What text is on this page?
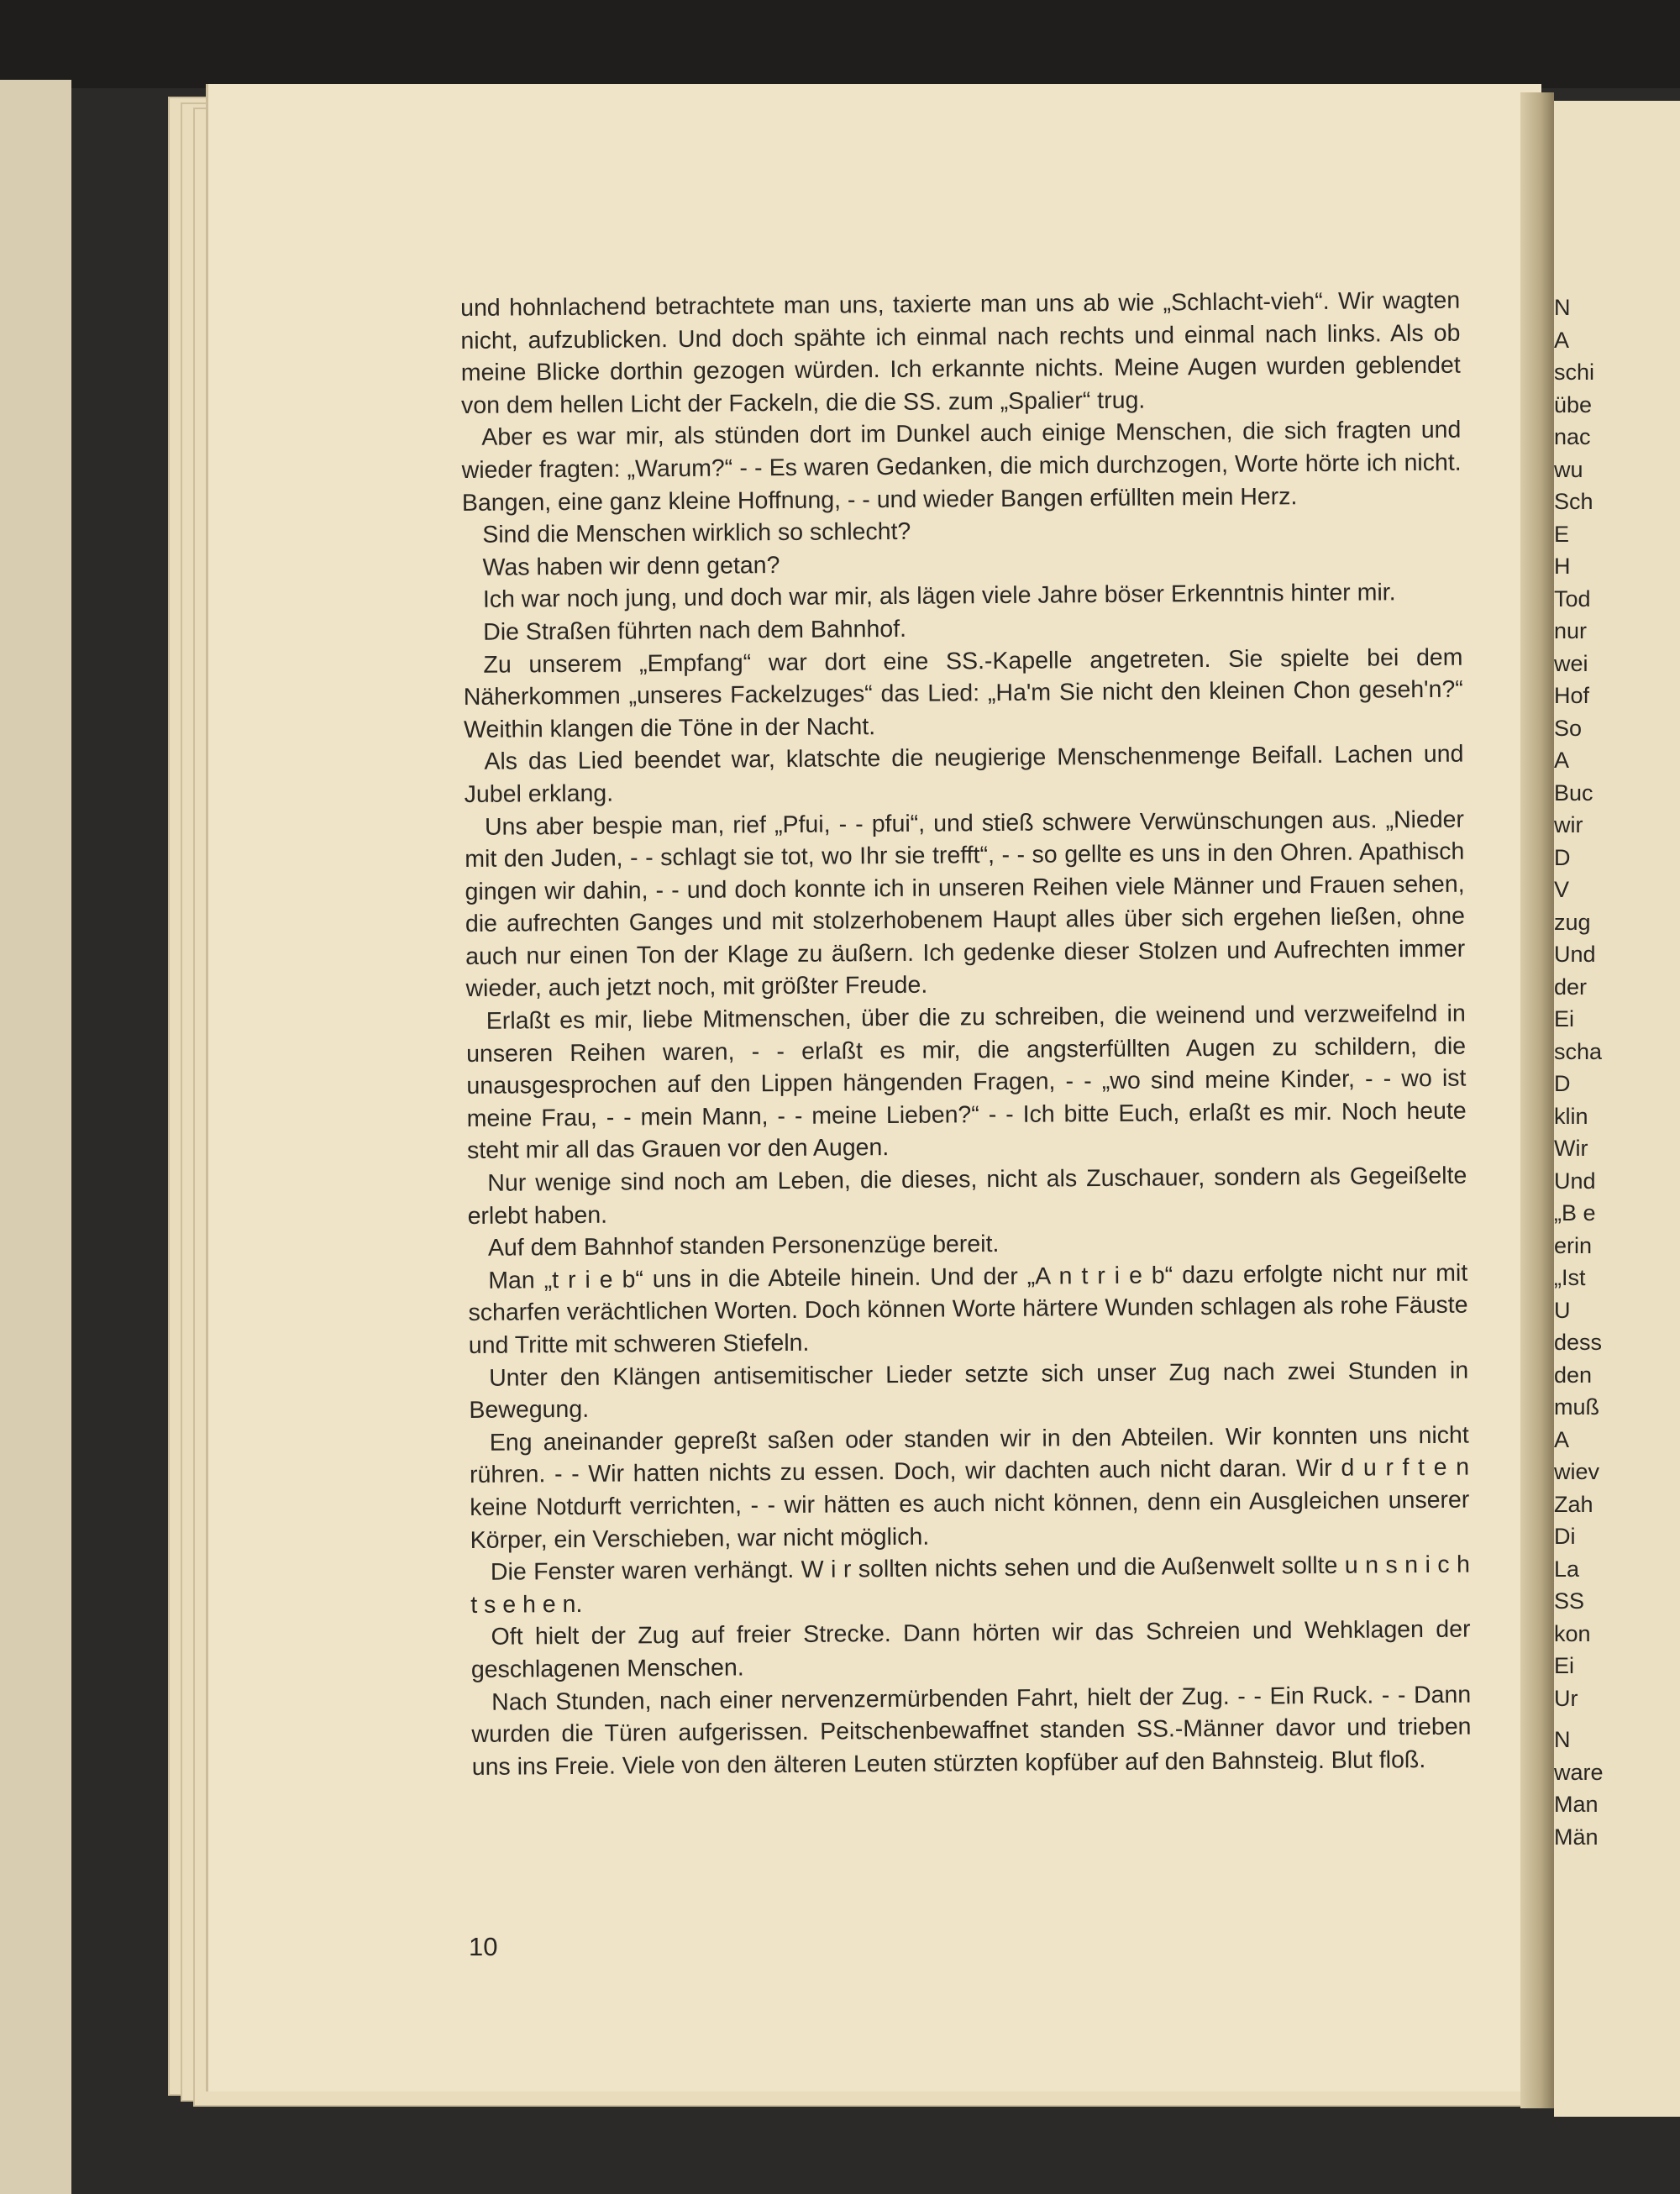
N
A
schi
übe
nac
wu
Sch
E
H
Tod
nur
wei
Hof
So
A
Buc
wir
D
V
zug
Und
der
Ei
scha
D
klin
Wir
Und
„B e
erin
„Ist
U
dess
den
muß
A
wiev
Zah
Di
La
SS
kon
Ei
Ur
N
ware
Man
Män

und hohnlachend betrachtete man uns, taxierte man uns ab wie „Schlacht-vieh“. Wir wagten nicht, aufzublicken. Und doch spähte ich einmal nach rechts und einmal nach links. Als ob meine Blicke dorthin gezogen würden. Ich erkannte nichts. Meine Augen wurden geblendet von dem hellen Licht der Fackeln, die die SS. zum „Spalier“ trug.

Aber es war mir, als stünden dort im Dunkel auch einige Menschen, die sich fragten und wieder fragten: „Warum?“ - - Es waren Gedanken, die mich durchzogen, Worte hörte ich nicht. Bangen, eine ganz kleine Hoffnung, - - und wieder Bangen erfüllten mein Herz.

Sind die Menschen wirklich so schlecht?

Was haben wir denn getan?

Ich war noch jung, und doch war mir, als lägen viele Jahre böser Erkenntnis hinter mir.

Die Straßen führten nach dem Bahnhof.

Zu unserem „Empfang“ war dort eine SS.-Kapelle angetreten. Sie spielte bei dem Näherkommen „unseres Fackelzuges“ das Lied: „Ha'm Sie nicht den kleinen Chon geseh'n?“ Weithin klangen die Töne in der Nacht.

Als das Lied beendet war, klatschte die neugierige Menschenmenge Beifall. Lachen und Jubel erklang.

Uns aber bespie man, rief „Pfui, - - pfui“, und stieß schwere Verwünschungen aus. „Nieder mit den Juden, - - schlagt sie tot, wo Ihr sie trefft“, - - so gellte es uns in den Ohren. Apathisch gingen wir dahin, - - und doch konnte ich in unseren Reihen viele Männer und Frauen sehen, die aufrechten Ganges und mit stolzerhobenem Haupt alles über sich ergehen ließen, ohne auch nur einen Ton der Klage zu äußern. Ich gedenke dieser Stolzen und Aufrechten immer wieder, auch jetzt noch, mit größter Freude.

Erlaßt es mir, liebe Mitmenschen, über die zu schreiben, die weinend und verzweifelnd in unseren Reihen waren, - - erlaßt es mir, die angsterfüllten Augen zu schildern, die unausgesprochen auf den Lippen hängenden Fragen, - - „wo sind meine Kinder, - - wo ist meine Frau, - - mein Mann, - - meine Lieben?“ - - Ich bitte Euch, erlaßt es mir. Noch heute steht mir all das Grauen vor den Augen.

Nur wenige sind noch am Leben, die dieses, nicht als Zuschauer, sondern als Gegeißelte erlebt haben.

Auf dem Bahnhof standen Personenzüge bereit.

Man „t r i e b“ uns in die Abteile hinein. Und der „A n t r i e b“ dazu erfolgte nicht nur mit scharfen verächtlichen Worten. Doch können Worte härtere Wunden schlagen als rohe Fäuste und Tritte mit schweren Stiefeln.

Unter den Klängen antisemitischer Lieder setzte sich unser Zug nach zwei Stunden in Bewegung.

Eng aneinander gepreßt saßen oder standen wir in den Abteilen. Wir konnten uns nicht rühren. - - Wir hatten nichts zu essen. Doch, wir dachten auch nicht daran. Wir d u r f t e n keine Notdurft verrichten, - - wir hätten es auch nicht können, denn ein Ausgleichen unserer Körper, ein Verschieben, war nicht möglich.

Die Fenster waren verhängt. W i r sollten nichts sehen und die Außenwelt sollte u n s n i c h t s e h e n.

Oft hielt der Zug auf freier Strecke. Dann hörten wir das Schreien und Wehklagen der geschlagenen Menschen.

Nach Stunden, nach einer nervenzermürbenden Fahrt, hielt der Zug. - - Ein Ruck. - - Dann wurden die Türen aufgerissen. Peitschenbewaffnet standen SS.-Männer davor und trieben uns ins Freie. Viele von den älteren Leuten stürzten kopfüber auf den Bahnsteig. Blut floß.

10
